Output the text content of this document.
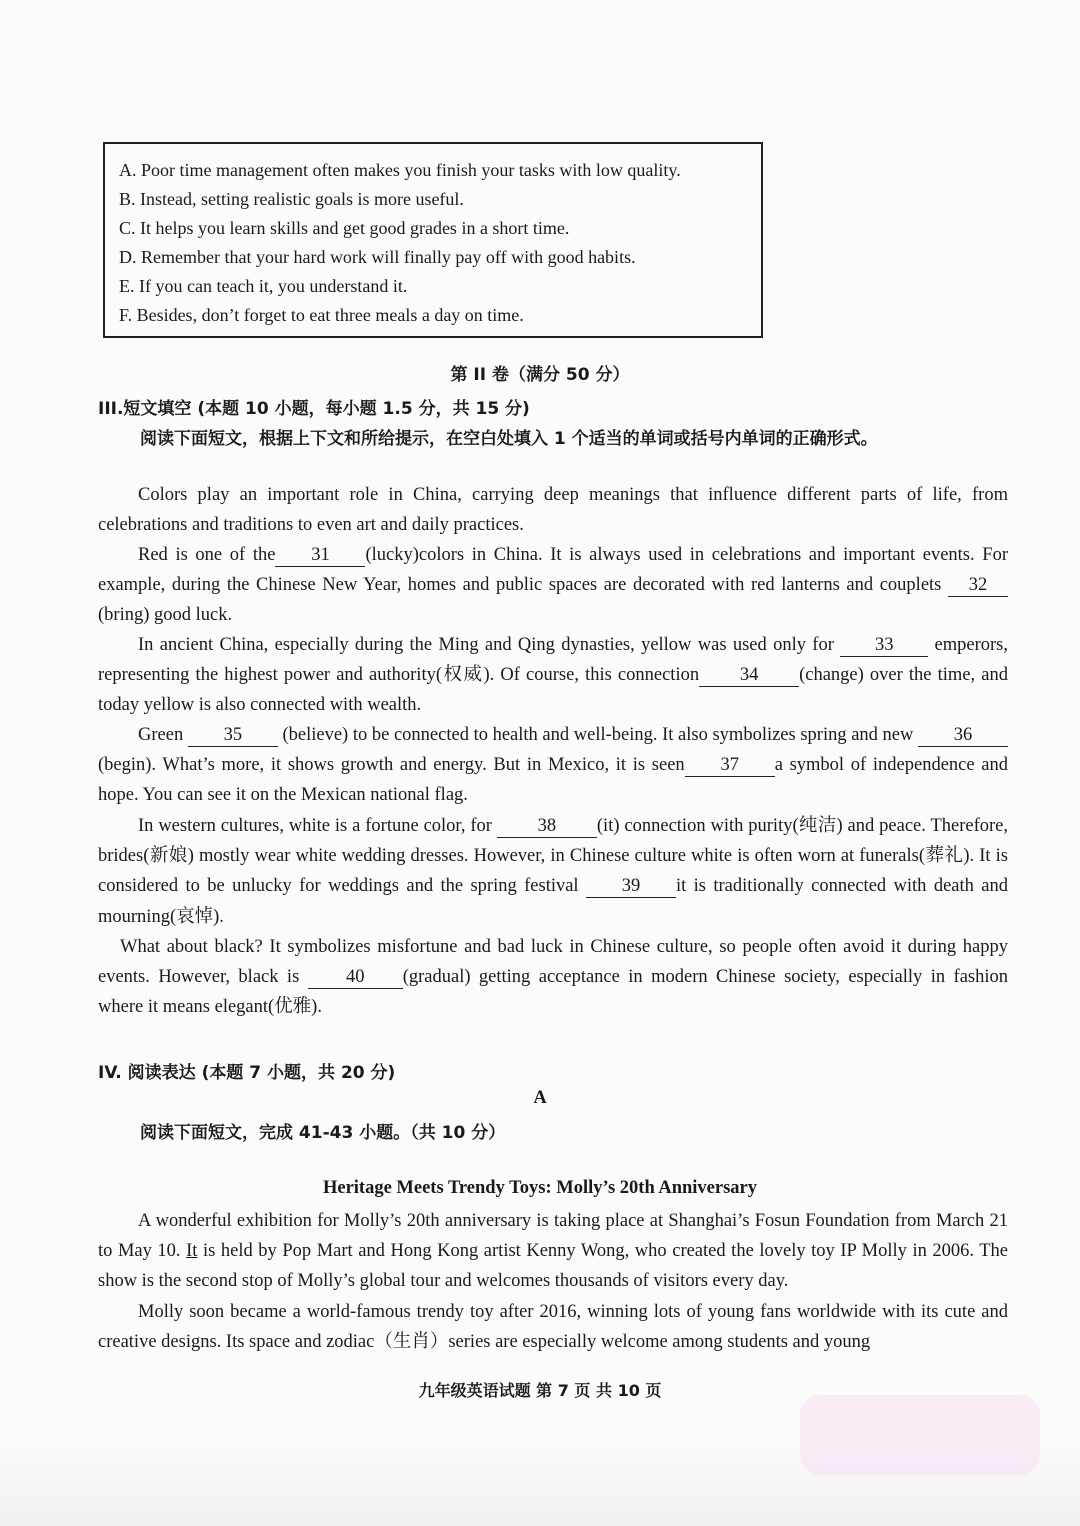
A. Poor time management often makes you finish your tasks with low quality.
B. Instead, setting realistic goals is more useful.
C. It helps you learn skills and get good grades in a short time.
D. Remember that your hard work will finally pay off with good habits.
E. If you can teach it, you understand it.
F. Besides, don’t forget to eat three meals a day on time.
第 II 卷（满分 50 分）
III.短文填空 (本题 10 小题，每小题 1.5 分，共 15 分)
阅读下面短文，根据上下文和所给提示，在空白处填入 1 个适当的单词或括号内单词的正确形式。
Colors play an important role in China, carrying deep meanings that influence different parts of life, from celebrations and traditions to even art and daily practices.
Red is one of the 31 (lucky)colors in China. It is always used in celebrations and important events. For example, during the Chinese New Year, homes and public spaces are decorated with red lanterns and couplets 32(bring) good luck.
In ancient China, especially during the Ming and Qing dynasties, yellow was used only for 33 emperors, representing the highest power and authority(权威). Of course, this connection 34 (change) over the time, and today yellow is also connected with wealth.
Green 35 (believe) to be connected to health and well-being. It also symbolizes spring and new 36(begin). What’s more, it shows growth and energy. But in Mexico, it is seen 37 a symbol of independence and hope. You can see it on the Mexican national flag.
In western cultures, white is a fortune color, for 38 (it) connection with purity(纯洁) and peace. Therefore, brides(新娘) mostly wear white wedding dresses. However, in Chinese culture white is often worn at funerals(葬礼). It is considered to be unlucky for weddings and the spring festival 39 it is traditionally connected with death and mourning(哀悼).
What about black? It symbolizes misfortune and bad luck in Chinese culture, so people often avoid it during happy events. However, black is	40 (gradual) getting acceptance in modern Chinese society, especially in fashion where it means elegant(优雅).
IV. 阅读表达 (本题 7 小题，共 20 分)
A
阅读下面短文，完成 41-43 小题。（共 10 分）
Heritage Meets Trendy Toys: Molly’s 20th Anniversary
A wonderful exhibition for Molly’s 20th anniversary is taking place at Shanghai’s Fosun Foundation from March 21 to May 10. It is held by Pop Mart and Hong Kong artist Kenny Wong, who created the lovely toy IP Molly in 2006. The show is the second stop of Molly’s global tour and welcomes thousands of visitors every day.
Molly soon became a world-famous trendy toy after 2016, winning lots of young fans worldwide with its cute and creative designs. Its space and zodiac（生肖）series are especially welcome among students and young
九年级英语试题 第 7 页 共 10 页
